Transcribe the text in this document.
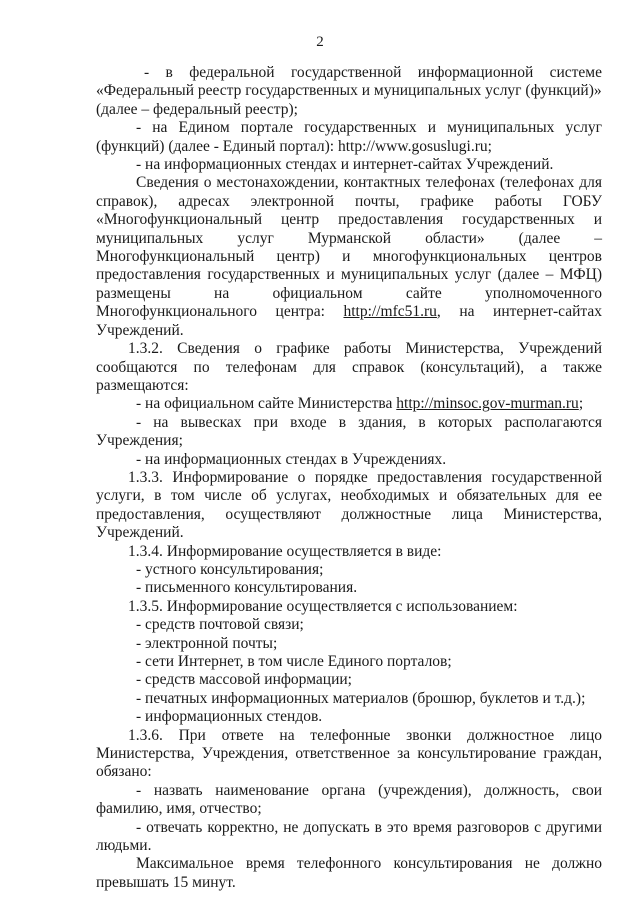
2

- в федеральной государственной информационной системе

«Федеральный реестр государственных и муниципальных услуг (функций)»

(далее – федеральный реестр);

- на Едином портале государственных и муниципальных услуг

(функций) (далее - Единый портал): http://www.gosuslugi.ru;

- на информационных стендах и интернет-сайтах Учреждений.

Сведения о местонахождении, контактных телефонах (телефонах для справок), адресах электронной почты, графике работы ГОБУ «Многофункциональный центр предоставления государственных и муниципальных услуг Мурманской области» (далее – Многофункциональный центр) и многофункциональных центров предоставления государственных и муниципальных услуг (далее – МФЦ) размещены на официальном сайте уполномоченного Многофункционального центра: http://mfc51.ru, на интернет-сайтах Учреждений.

1.3.2. Сведения о графике работы Министерства, Учреждений сообщаются по телефонам для справок (консультаций), а также размещаются:

- на официальном сайте Министерства http://minsoc.gov-murman.ru;

- на вывесках при входе в здания, в которых располагаются Учреждения;

- на информационных стендах в Учреждениях.

1.3.3. Информирование о порядке предоставления государственной услуги, в том числе об услугах, необходимых и обязательных для ее предоставления, осуществляют должностные лица Министерства, Учреждений.

1.3.4. Информирование осуществляется в виде:

- устного консультирования;

- письменного консультирования.

1.3.5. Информирование осуществляется с использованием:

- средств почтовой связи;

- электронной почты;

- сети Интернет, в том числе Единого порталов;

- средств массовой информации;

- печатных информационных материалов (брошюр, буклетов и т.д.);

- информационных стендов.

1.3.6. При ответе на телефонные звонки должностное лицо Министерства, Учреждения, ответственное за консультирование граждан, обязано:

- назвать наименование органа (учреждения), должность, свои фамилию, имя, отчество;

- отвечать корректно, не допускать в это время разговоров с другими людьми.

Максимальное время телефонного консультирования не должно превышать 15 минут.
